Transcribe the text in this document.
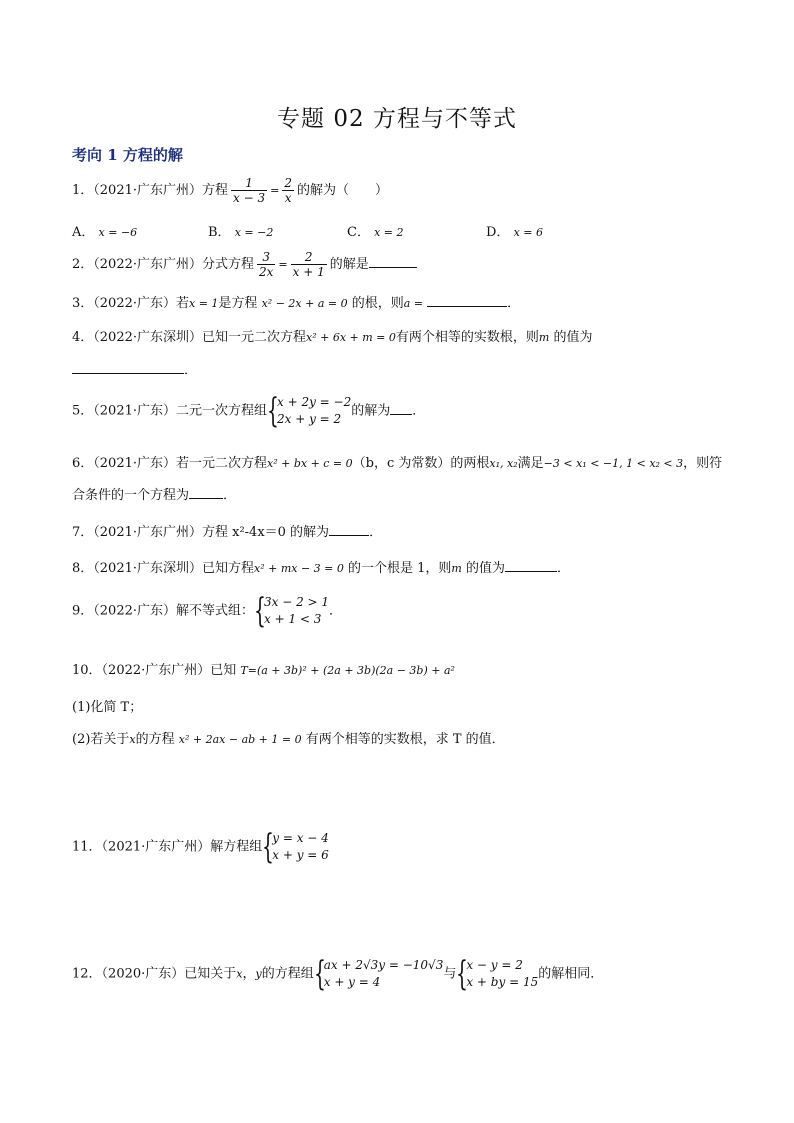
专题 02 方程与不等式
考向 1 方程的解
1．（2021·广东广州）方程 $\frac{1}{x - 3} = \frac{2}{x}$ 的解为（　　）
A． x = −6	B． x = −2	C． x = 2	D． x = 6
2．（2022·广东广州）分式方程 $\frac{3}{2x} = \frac{2}{x + 1}$ 的解是
3．（2022·广东）若x = 1是方程 x² − 2x + a = 0 的根，则a =	．
4．（2022·广东深圳）已知一元二次方程x² + 6x + m = 0有两个相等的实数根，则m 的值为
．
5．（2021·广东）二元一次方程组 {
x + 2y = −2
2x + y = 2
的解为 ．
6．（2021·广东）若一元二次方程x² + bx + c = 0（b，c 为常数）的两根x₁, x₂满足−3 < x₁ < −1, 1 < x₂ < 3，则符
合条件的一个方程为	．
7．（2021·广东广州）方程 x²-4x＝0 的解为	．
8．（2021·广东深圳）已知方程x² + mx − 3 = 0 的一个根是 1，则m 的值为	．
9．（2022·广东）解不等式组： {
3x − 2 > 1
x + 1 < 3
．
10．（2022·广东广州）已知 T=(a + 3b)² + (2a + 3b)(2a − 3b) + a²
(1)化简 T；
(2)若关于x的方程 x² + 2ax − ab + 1 = 0 有两个相等的实数根，求 T 的值．
11．（2021·广东广州）解方程组 {
y = x − 4
x + y = 6
12．（2020·广东）已知关于x，y的方程组 {
ax + 2√3y = −10√3
x + y = 4
与 {
x − y = 2
x + by = 15
的解相同．
